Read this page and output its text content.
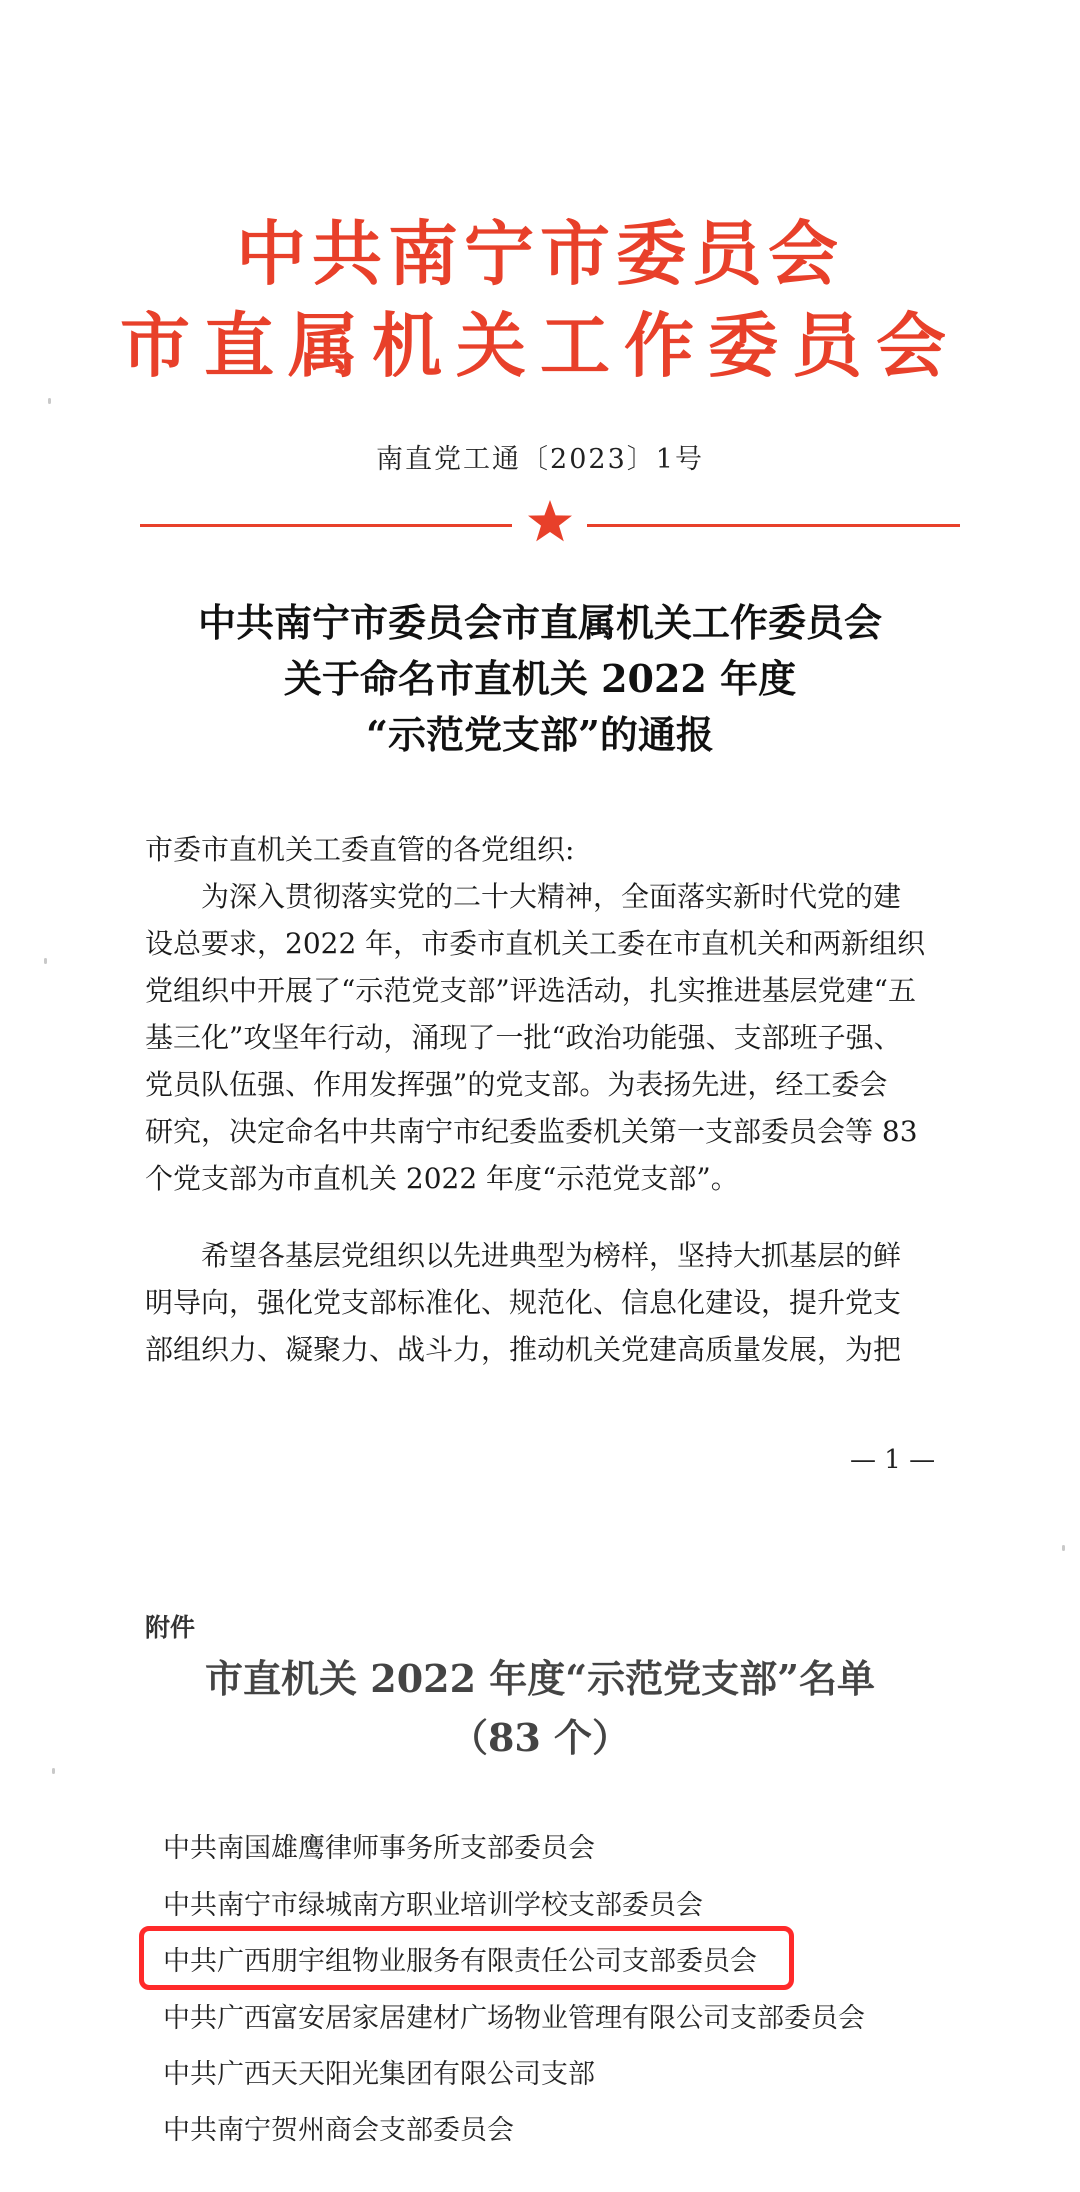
中共南宁市委员会
市直属机关工作委员会
南直党工通〔2023〕1号
中共南宁市委员会市直属机关工作委员会
关于命名市直机关 2022 年度
“示范党支部”的通报
市委市直机关工委直管的各党组织:
　　为深入贯彻落实党的二十大精神，全面落实新时代党的建
设总要求，2022 年，市委市直机关工委在市直机关和两新组织
党组织中开展了“示范党支部”评选活动，扎实推进基层党建“五
基三化”攻坚年行动，涌现了一批“政治功能强、支部班子强、
党员队伍强、作用发挥强”的党支部。为表扬先进，经工委会
研究，决定命名中共南宁市纪委监委机关第一支部委员会等 83
个党支部为市直机关 2022 年度“示范党支部”。
　　希望各基层党组织以先进典型为榜样，坚持大抓基层的鲜
明导向，强化党支部标准化、规范化、信息化建设，提升党支
部组织力、凝聚力、战斗力，推动机关党建高质量发展，为把
— 1 —
附件
市直机关 2022 年度“示范党支部”名单
（83 个）
中共南国雄鹰律师事务所支部委员会
中共南宁市绿城南方职业培训学校支部委员会
中共广西朋宇组物业服务有限责任公司支部委员会
中共广西富安居家居建材广场物业管理有限公司支部委员会
中共广西天天阳光集团有限公司支部
中共南宁贺州商会支部委员会
